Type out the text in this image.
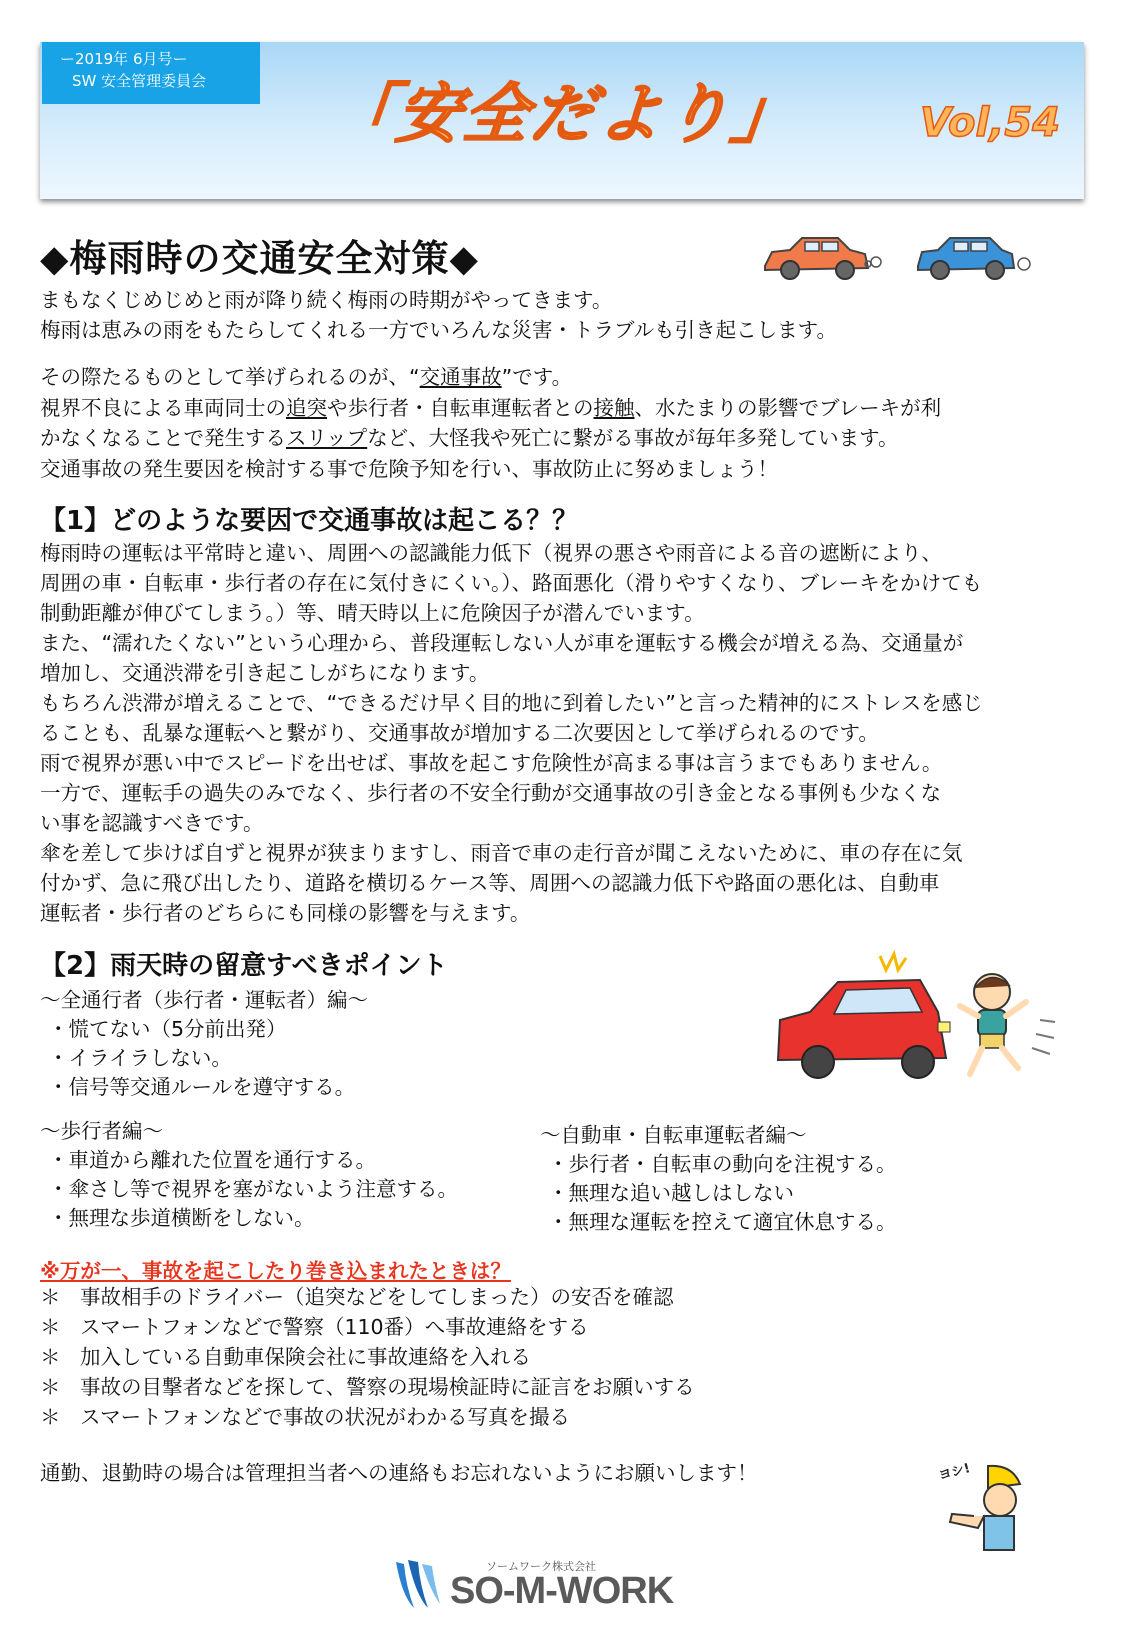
ー2019年 6月号ー
SW 安全管理委員会	「安全だより」	Vol,54
◆梅雨時の交通安全対策◆
まもなくじめじめと雨が降り続く梅雨の時期がやってきます。
梅雨は恵みの雨をもたらしてくれる一方でいろんな災害・トラブルも引き起こします。
その際たるものとして挙げられるのが、“交通事故”です。
視界不良による車両同士の追突や歩行者・自転車運転者との接触、水たまりの影響でブレーキが利
かなくなることで発生するスリップなど、大怪我や死亡に繋がる事故が毎年多発しています。
交通事故の発生要因を検討する事で危険予知を行い、事故防止に努めましょう！
【1】どのような要因で交通事故は起こる？？
梅雨時の運転は平常時と違い、周囲への認識能力低下（視界の悪さや雨音による音の遮断により、
周囲の車・自転車・歩行者の存在に気付きにくい。）、路面悪化（滑りやすくなり、ブレーキをかけても
制動距離が伸びてしまう。）等、晴天時以上に危険因子が潜んでいます。
また、“濡れたくない”という心理から、普段運転しない人が車を運転する機会が増える為、交通量が
増加し、交通渋滞を引き起こしがちになります。
もちろん渋滞が増えることで、“できるだけ早く目的地に到着したい”と言った精神的にストレスを感じ
ることも、乱暴な運転へと繋がり、交通事故が増加する二次要因として挙げられるのです。
雨で視界が悪い中でスピードを出せば、事故を起こす危険性が高まる事は言うまでもありません。
一方で、運転手の過失のみでなく、歩行者の不安全行動が交通事故の引き金となる事例も少なくな
い事を認識すべきです。
傘を差して歩けば自ずと視界が狭まりますし、雨音で車の走行音が聞こえないために、車の存在に気
付かず、急に飛び出したり、道路を横切るケース等、周囲への認識力低下や路面の悪化は、自動車
運転者・歩行者のどちらにも同様の影響を与えます。
【2】雨天時の留意すべきポイント
～全通行者（歩行者・運転者）編～
・慌てない（5分前出発）
・イライラしない。
・信号等交通ルールを遵守する。
～歩行者編～
・車道から離れた位置を通行する。
・傘さし等で視界を塞がないよう注意する。
・無理な歩道横断をしない。
～自動車・自転車運転者編～
・歩行者・自転車の動向を注視する。
・無理な追い越しはしない
・無理な運転を控えて適宜休息する。
※万が一、事故を起こしたり巻き込まれたときは？
＊ 事故相手のドライバー（追突などをしてしまった）の安否を確認
＊ スマートフォンなどで警察（110番）へ事故連絡をする
＊ 加入している自動車保険会社に事故連絡を入れる
＊ 事故の目撃者などを探して、警察の現場検証時に証言をお願いする
＊ スマートフォンなどで事故の状況がわかる写真を撮る
通勤、退勤時の場合は管理担当者への連絡もお忘れないようにお願いします！	ヨシ!
ソームワーク株式会社
SO-M-WORK
